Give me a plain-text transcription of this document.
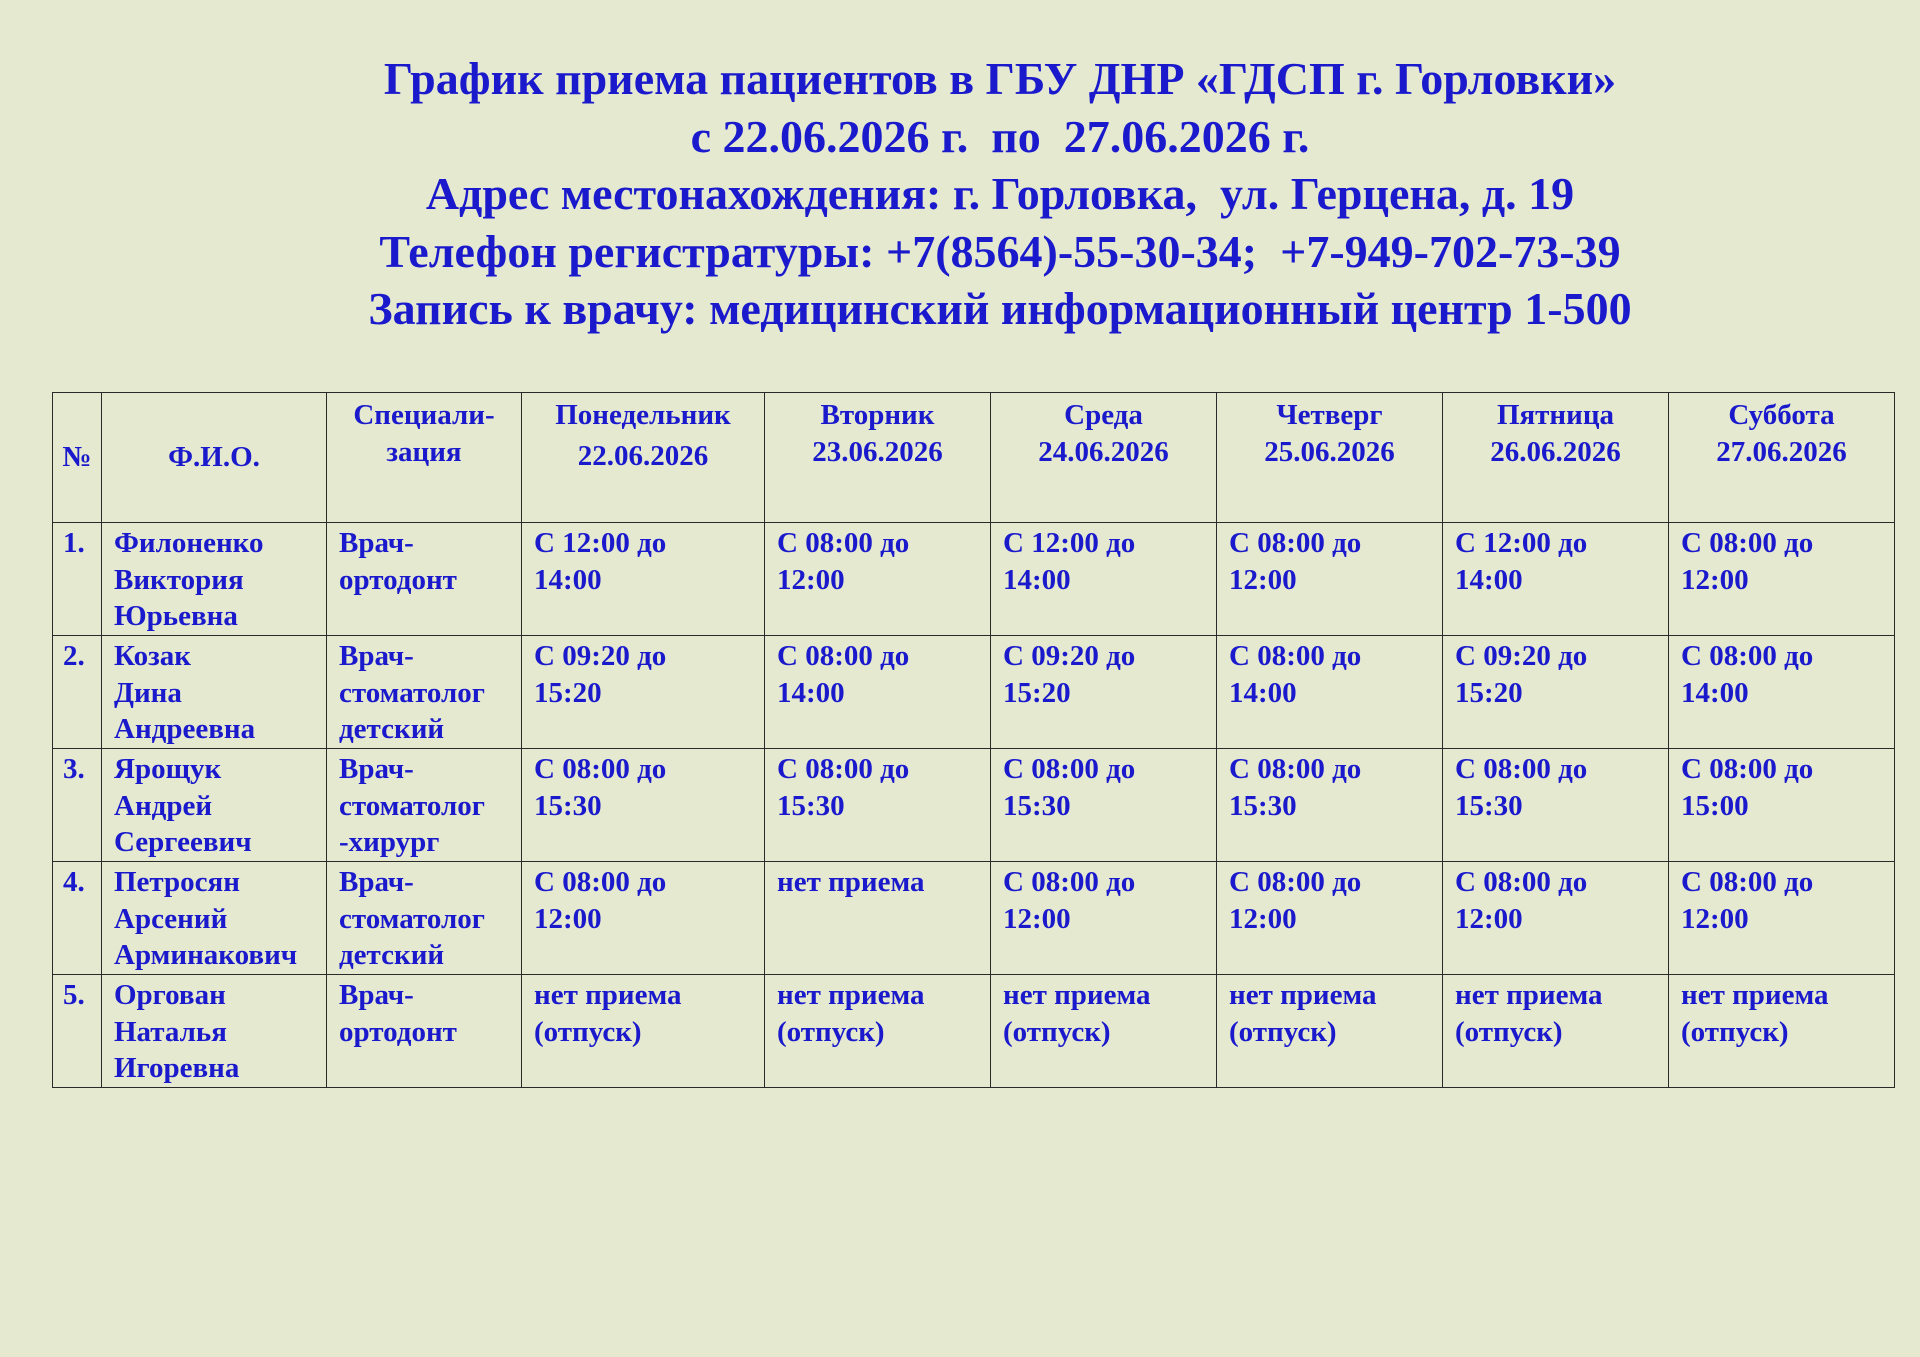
График приема пациентов в ГБУ ДНР «ГДСП г. Горловки»
с 22.06.2026 г.  по  27.06.2026 г.
Адрес местонахождения: г. Горловка,  ул. Герцена, д. 19
Телефон регистратуры: +7(8564)-55-30-34;  +7-949-702-73-39
Запись к врачу: медицинский информационный центр 1-500
№	Ф.И.О.	Специали-
зация	Понедельник
22.06.2026	Вторник
23.06.2026	Среда
24.06.2026	Четверг
25.06.2026	Пятница
26.06.2026	Суббота
27.06.2026

1.	Филоненко
Виктория
Юрьевна	Врач-
ортодонт	С 12:00 до
14:00	С 08:00 до
12:00	С 12:00 до
14:00	С 08:00 до
12:00	С 12:00 до
14:00	С 08:00 до
12:00

2.	Козак
Дина
Андреевна	Врач-
стоматолог
детский	С 09:20 до
15:20	С 08:00 до
14:00	С 09:20 до
15:20	С 08:00 до
14:00	С 09:20 до
15:20	С 08:00 до
14:00

3.	Ярощук
Андрей
Сергеевич	Врач-
стоматолог
-хирург	С 08:00 до
15:30	С 08:00 до
15:30	С 08:00 до
15:30	С 08:00 до
15:30	С 08:00 до
15:30	С 08:00 до
15:00

4.	Петросян
Арсений
Арминакович	Врач-
стоматолог
детский	С 08:00 до
12:00	нет приема	С 08:00 до
12:00	С 08:00 до
12:00	С 08:00 до
12:00	С 08:00 до
12:00

5.	Оргован
Наталья
Игоревна	Врач-
ортодонт	нет приема
(отпуск)	нет приема
(отпуск)	нет приема
(отпуск)	нет приема
(отпуск)	нет приема
(отпуск)	нет приема
(отпуск)
